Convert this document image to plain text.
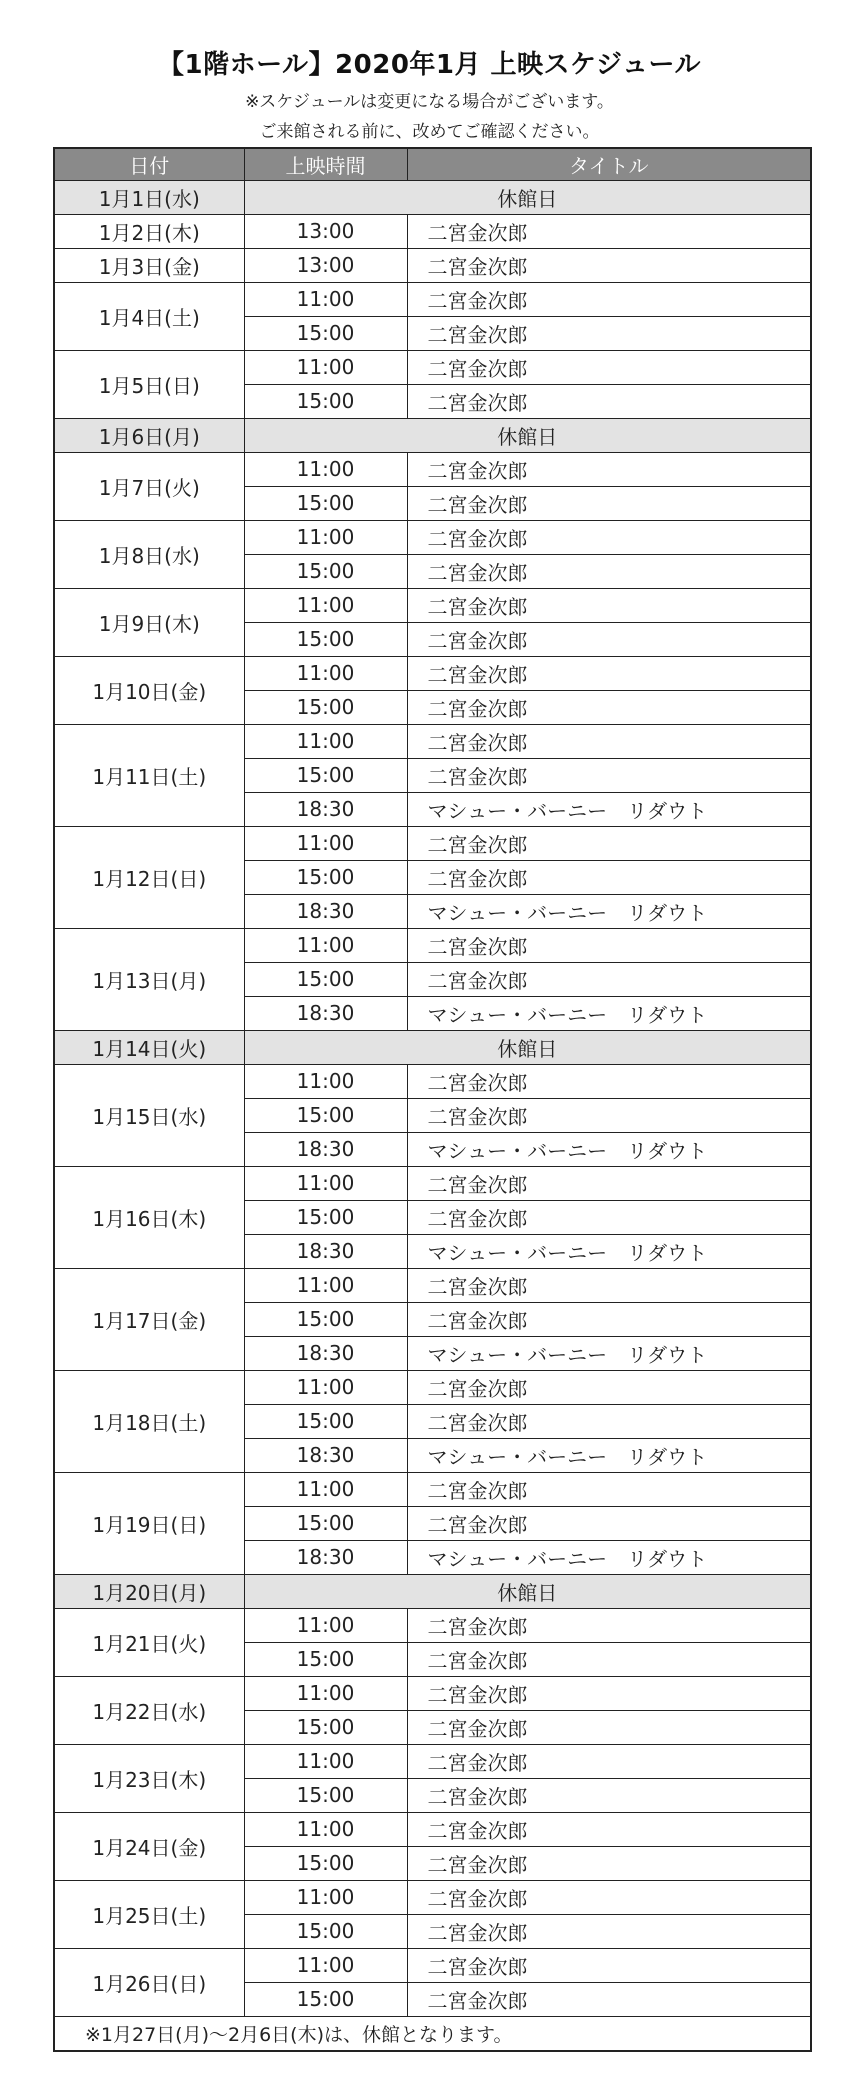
【1階ホール】2020年1月 上映スケジュール
※スケジュールは変更になる場合がございます。
ご来館される前に、改めてご確認ください。
日付	上映時間	タイトル
1月1日(水)	休館日	
1月2日(木)	13:00	二宮金次郎
1月3日(金)	13:00	二宮金次郎
1月4日(土)	11:00	二宮金次郎
	15:00	二宮金次郎
1月5日(日)	11:00	二宮金次郎
	15:00	二宮金次郎
1月6日(月)	休館日	
1月7日(火)	11:00	二宮金次郎
	15:00	二宮金次郎
1月8日(水)	11:00	二宮金次郎
	15:00	二宮金次郎
1月9日(木)	11:00	二宮金次郎
	15:00	二宮金次郎
1月10日(金)	11:00	二宮金次郎
	15:00	二宮金次郎
1月11日(土)	11:00	二宮金次郎
	15:00	二宮金次郎
	18:30	マシュー・バーニー　リダウト
1月12日(日)	11:00	二宮金次郎
	15:00	二宮金次郎
	18:30	マシュー・バーニー　リダウト
1月13日(月)	11:00	二宮金次郎
	15:00	二宮金次郎
	18:30	マシュー・バーニー　リダウト
1月14日(火)	休館日	
1月15日(水)	11:00	二宮金次郎
	15:00	二宮金次郎
	18:30	マシュー・バーニー　リダウト
1月16日(木)	11:00	二宮金次郎
	15:00	二宮金次郎
	18:30	マシュー・バーニー　リダウト
1月17日(金)	11:00	二宮金次郎
	15:00	二宮金次郎
	18:30	マシュー・バーニー　リダウト
1月18日(土)	11:00	二宮金次郎
	15:00	二宮金次郎
	18:30	マシュー・バーニー　リダウト
1月19日(日)	11:00	二宮金次郎
	15:00	二宮金次郎
	18:30	マシュー・バーニー　リダウト
1月20日(月)	休館日	
1月21日(火)	11:00	二宮金次郎
	15:00	二宮金次郎
1月22日(水)	11:00	二宮金次郎
	15:00	二宮金次郎
1月23日(木)	11:00	二宮金次郎
	15:00	二宮金次郎
1月24日(金)	11:00	二宮金次郎
	15:00	二宮金次郎
1月25日(土)	11:00	二宮金次郎
	15:00	二宮金次郎
1月26日(日)	11:00	二宮金次郎
	15:00	二宮金次郎
※1月27日(月)〜2月6日(木)は、休館となります。		
